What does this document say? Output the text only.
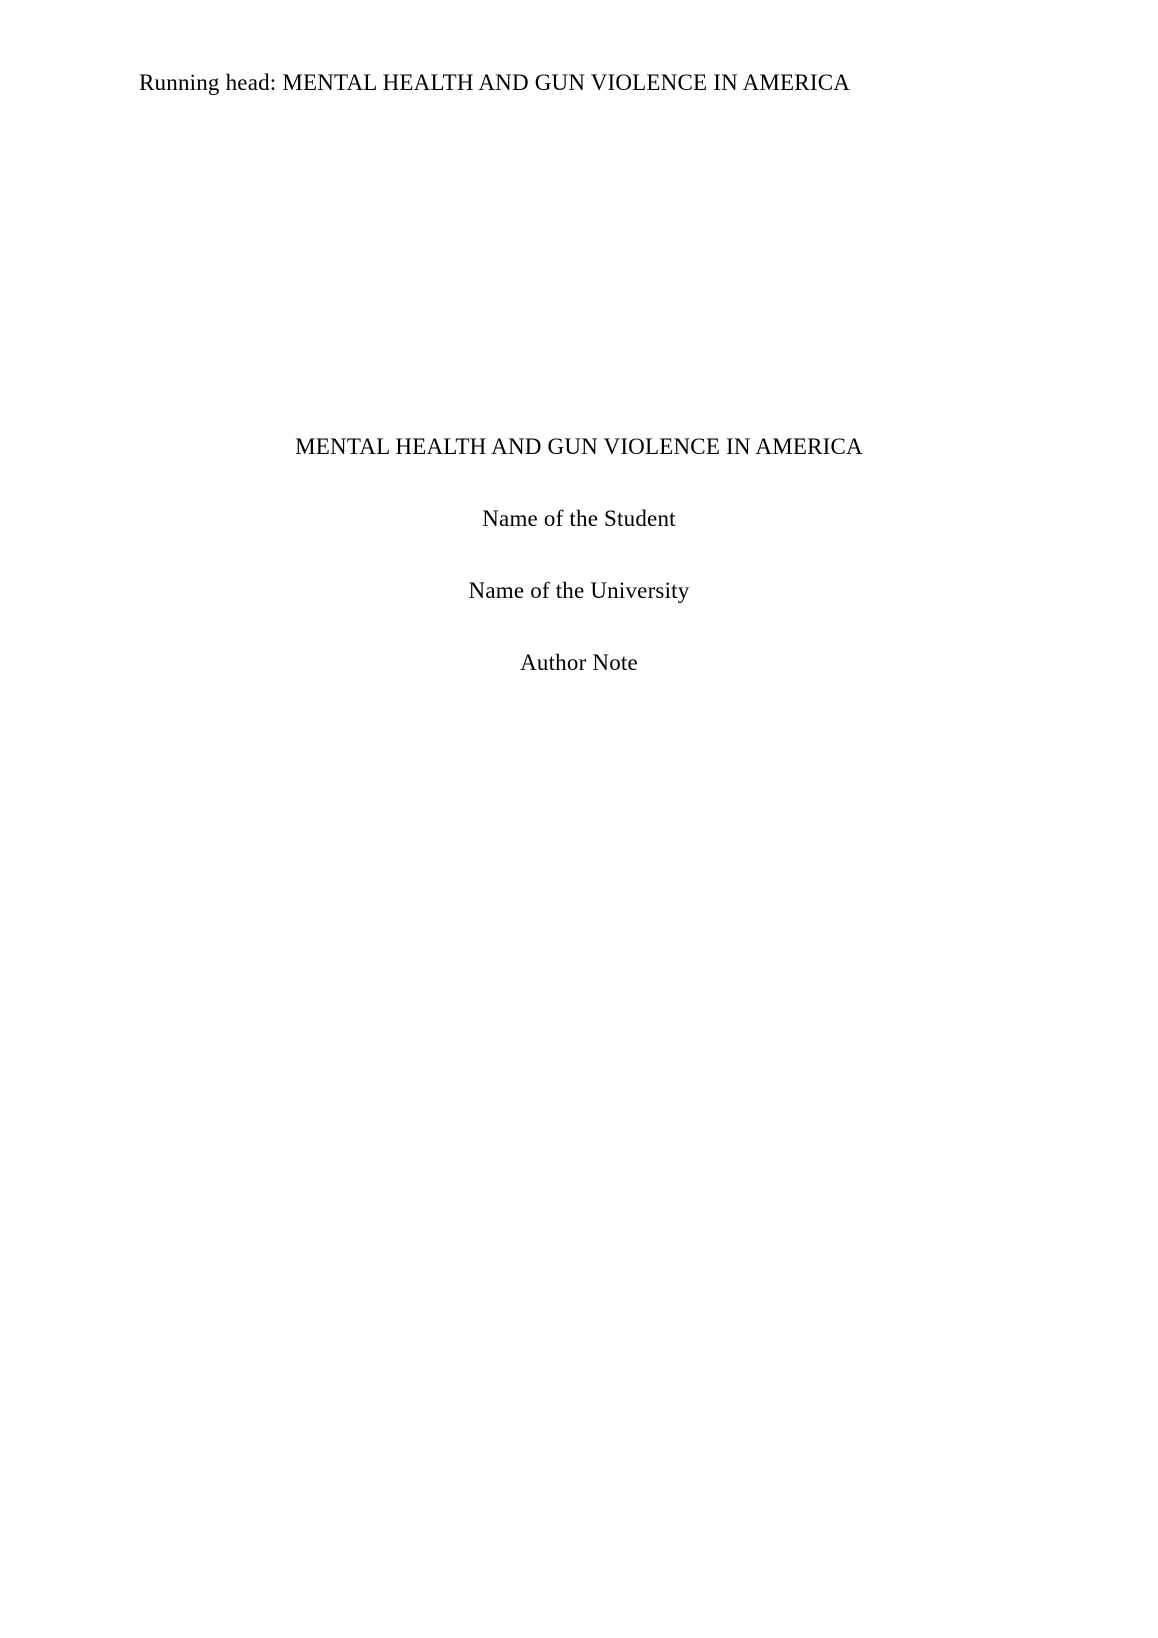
Running head: MENTAL HEALTH AND GUN VIOLENCE IN AMERICA
MENTAL HEALTH AND GUN VIOLENCE IN AMERICA
Name of the Student
Name of the University
Author Note
